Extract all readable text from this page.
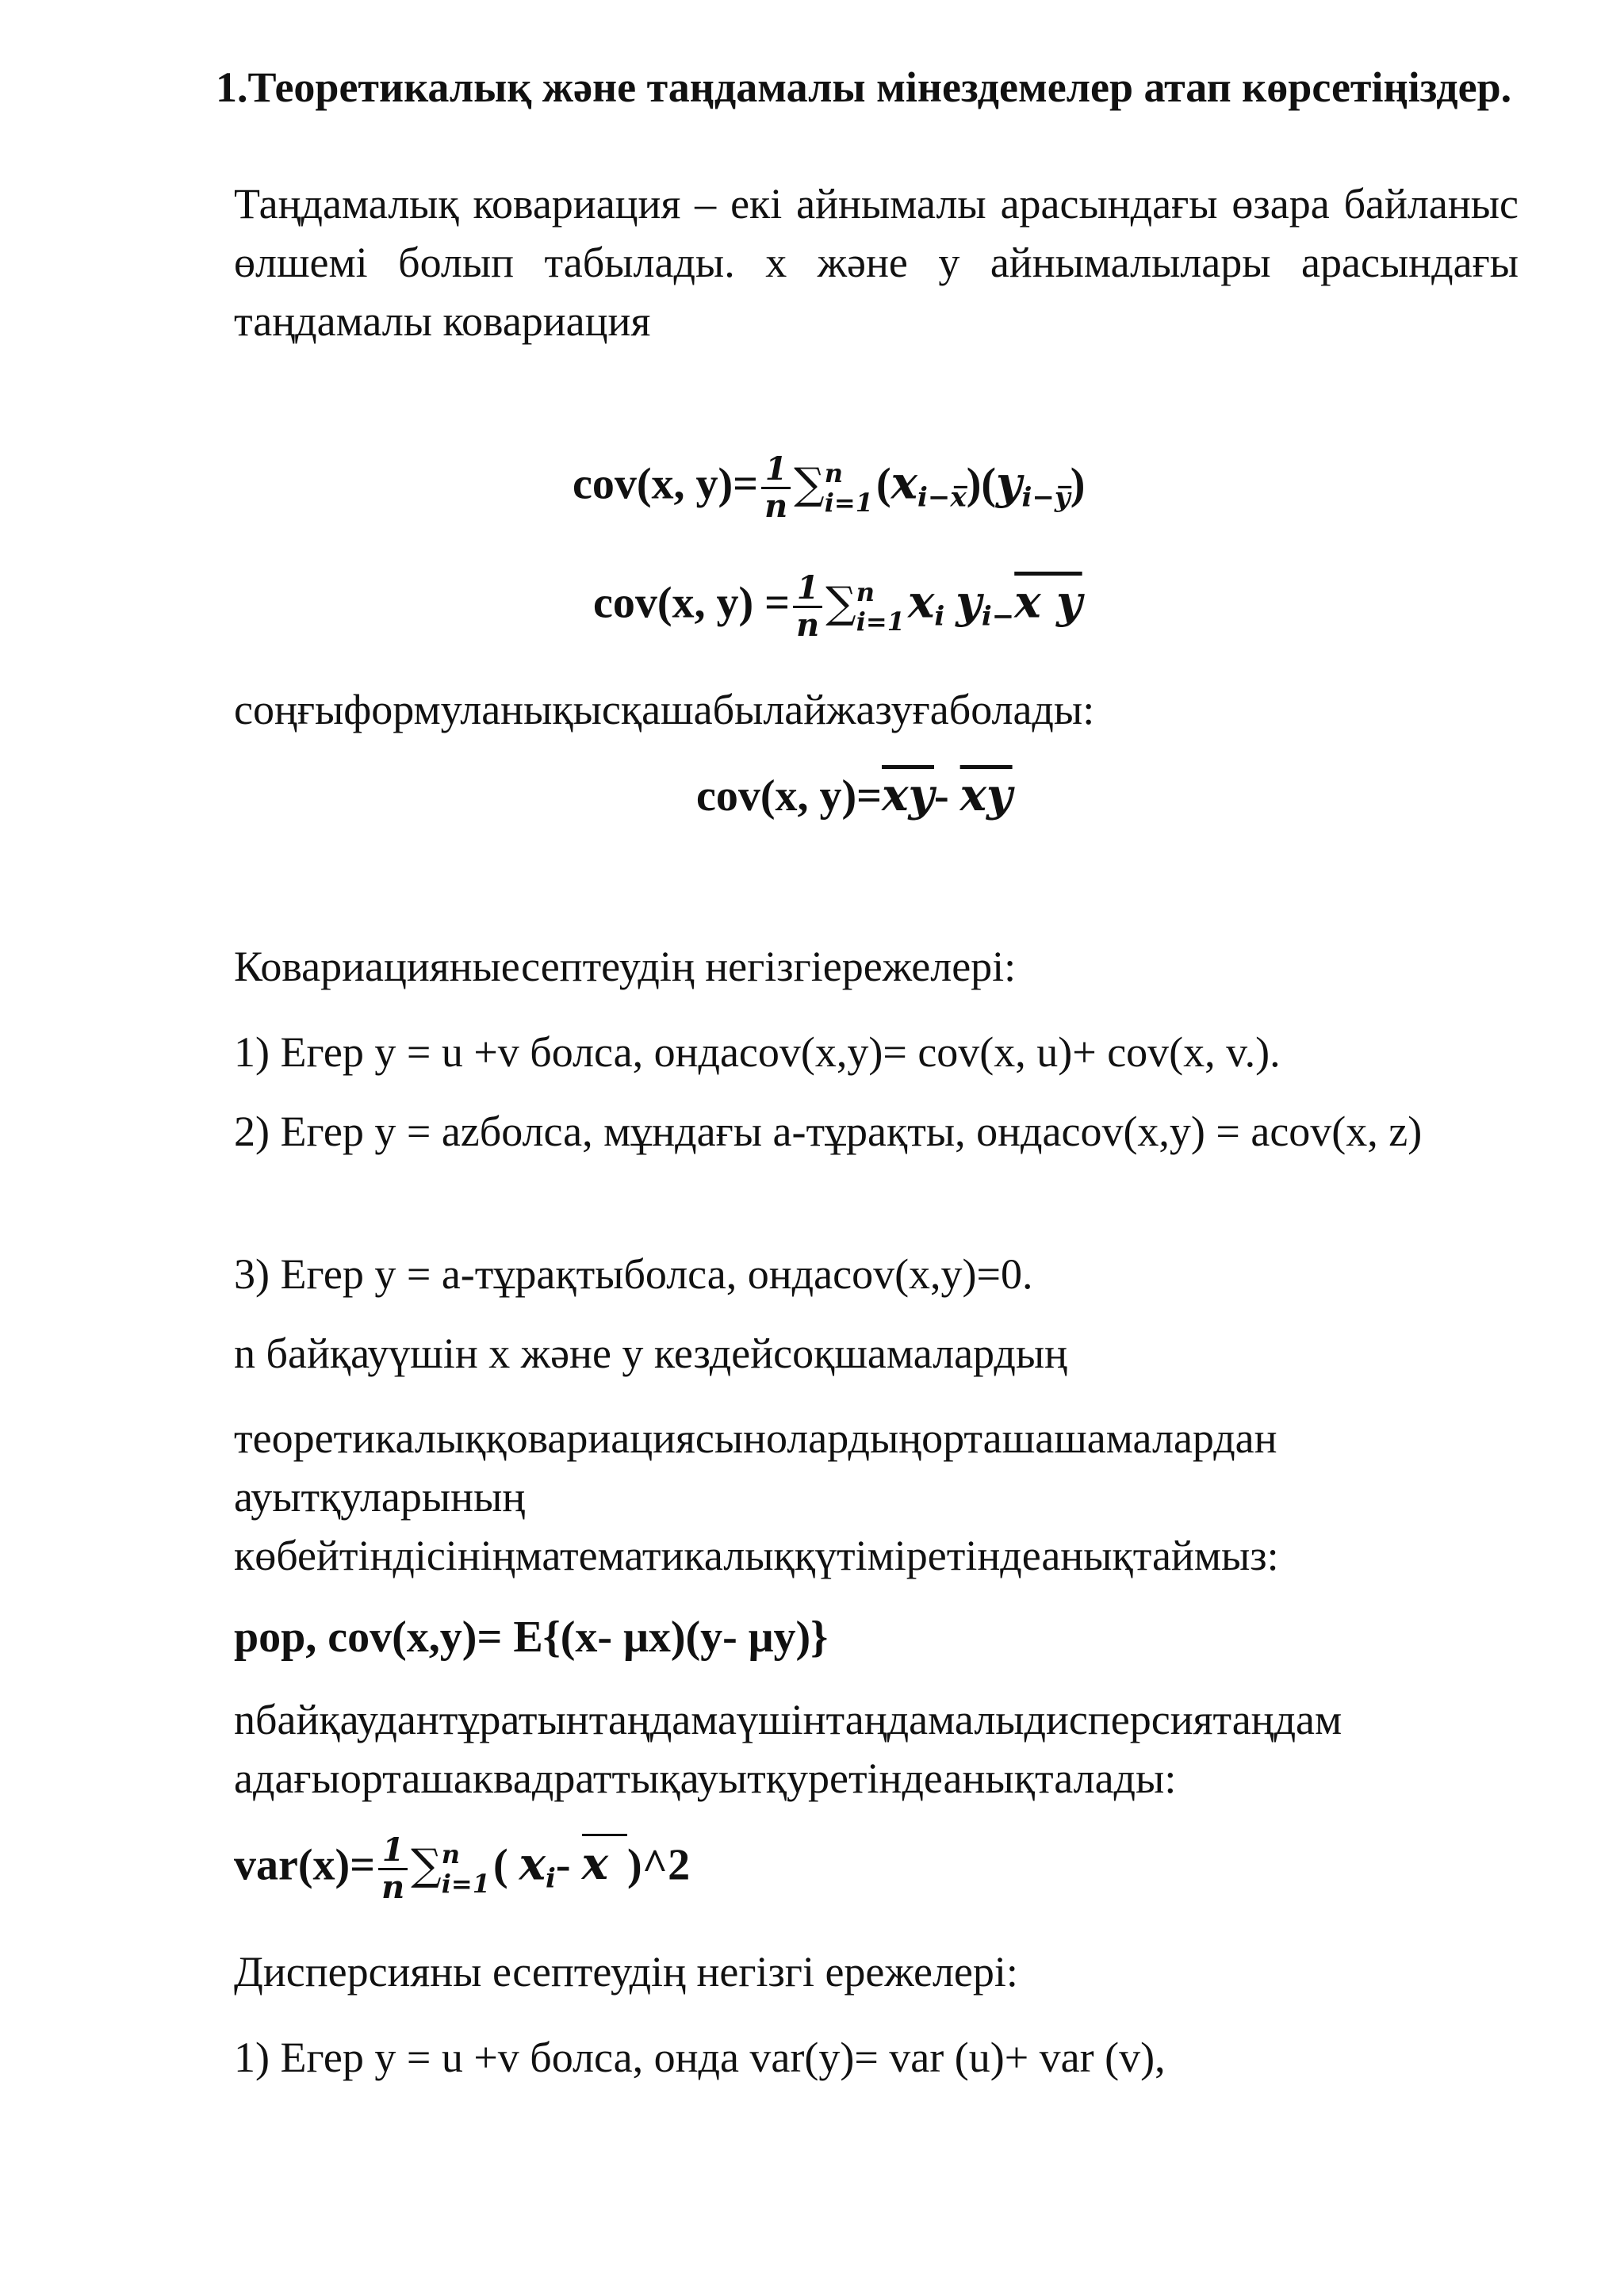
1.Теоретикалық және таңдамалы мінездемелер атап көрсетіңіздер.

Таңдамалық ковариация – екі айнымалы арасындағы өзара байланыс өлшемі болып табылады. x және y айнымалылары арасындағы таңдамалы ковариация

cov(x, $y)= \frac{1}{n}$ ∑ n
i=1 $(x_{i-x̅})(y_{i-y̅})$
cov(x, $y) = \frac{1}{n}$ ∑ n
i=1 $x_i$ $y_{i-}x$ y

соңғыформуланықысқашабылайжазуғаболады:

cov(x, $y)=\overline{xy}-$ $\overline{xy}$

Ковариацияныесептеудің негізгіережелері:

1) Егер y = u +v болса, ондаcov(x,y)= cov(x, u)+ cov(x, v.).

2) Егер y = azболса, мұндағы a-тұрақты, ондаcov(x,y) = acov(x, z)

3) Егер y = a-тұрақтыболса, ондаcov(x,y)=0.

n байқауүшін x және y кездейсоқшамалардың

теоретикалыққовариациясынолардыңорташашамалардан ауытқуларының көбейтіндісініңматематикалыққүтіміретіндеанықтаймыз:

pop, cov(x,y)= E{(x- μx)(y- μy)}

nбайқаудантұратынтаңдамаүшінтаңдамалыдисперсиятаңдам адағыорташаквадраттықауытқуретіндеанықталады:

$var(x)= \frac{1}{n}$ ∑ n
i=1 ( $x_i-$ x )^2

Дисперсияны есептеудің негізгі ережелері:

1) Егер y = u +v болса, онда var(y)= var (u)+ var (v),
